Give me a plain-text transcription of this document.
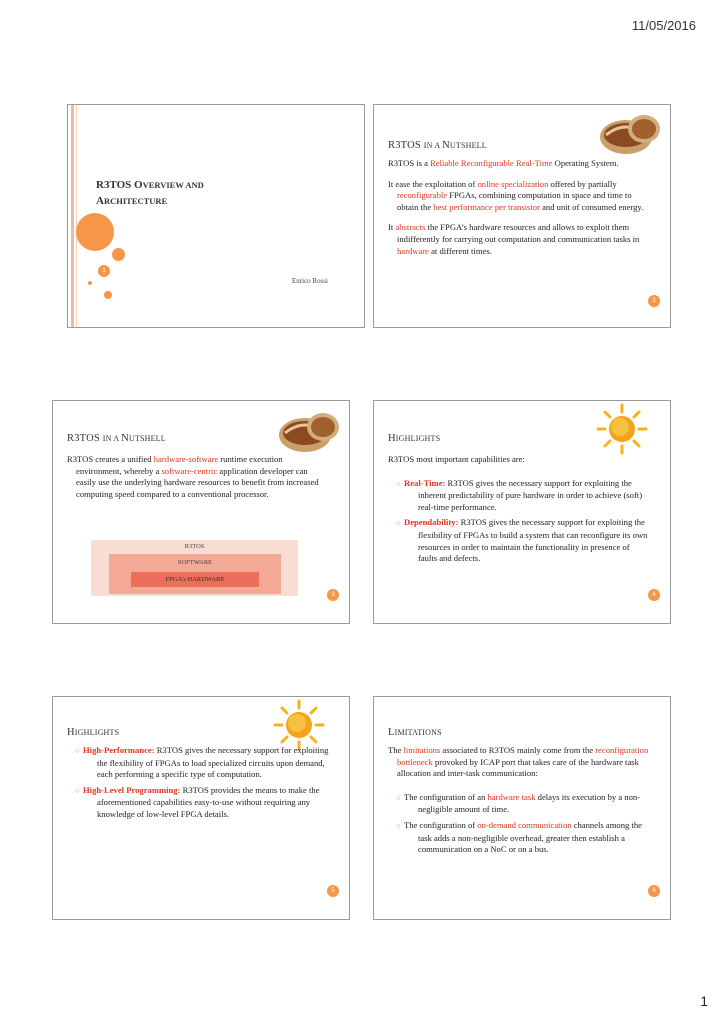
11/05/2016
R3TOS OVERVIEW AND
ARCHITECTURE
1
Enrico Rossi
R3TOS IN A NUTSHELL

R3TOS is a Reliable Reconfigurable Real-Time Operating System.

It ease the exploitation of online specialization offered by partially reconfigurable FPGAs, combining computation in space and time to obtain the best performance per transistor and unit of consumed energy.

It abstracts the FPGA’s hardware resources and allows to exploit them indifferently for carrying out computation and communication tasks in hardware at different times.

2
R3TOS IN A NUTSHELL

R3TOS creates a unified hardware-software runtime execution environment, whereby a software-centric application developer can easily use the underlying hardware resources to benefit from increased computing speed compared to a conventional processor.

R3TOS
SOFTWARE
FPGA’s HARDWARE
3
HIGHLIGHTS

R3TOS most important capabilities are:

○ Real-Time: R3TOS gives the necessary support for exploiting the inherent predictability of pure hardware in order to achieve (soft) real-time performance.
○ Dependability: R3TOS gives the necessary support for exploiting the flexibility of FPGAs to build a system that can reconfigure its own resources in order to maintain the functionality in presence of faults and defects.
4
HIGHLIGHTS
○ High-Performance: R3TOS gives the necessary support for exploiting the flexibility of FPGAs to load specialized circuits upon demand, each performing a specific type of computation.
○ High-Level Programming: R3TOS provides the means to make the aforementioned capabilities easy-to-use without requiring any knowledge of low-level FPGA details.
5
LIMITATIONS

The limitations associated to R3TOS mainly come from the reconfiguration bottleneck provoked by ICAP port that takes care of the hardware task allocation and inter-task communication:

○ The configuration of an hardware task delays its execution by a non-negligible amount of time.
○ The configuration of on-demand communication channels among the task adds a non-negligible overhead, greater then establish a communication on a NoC or on a bus.
6
1
